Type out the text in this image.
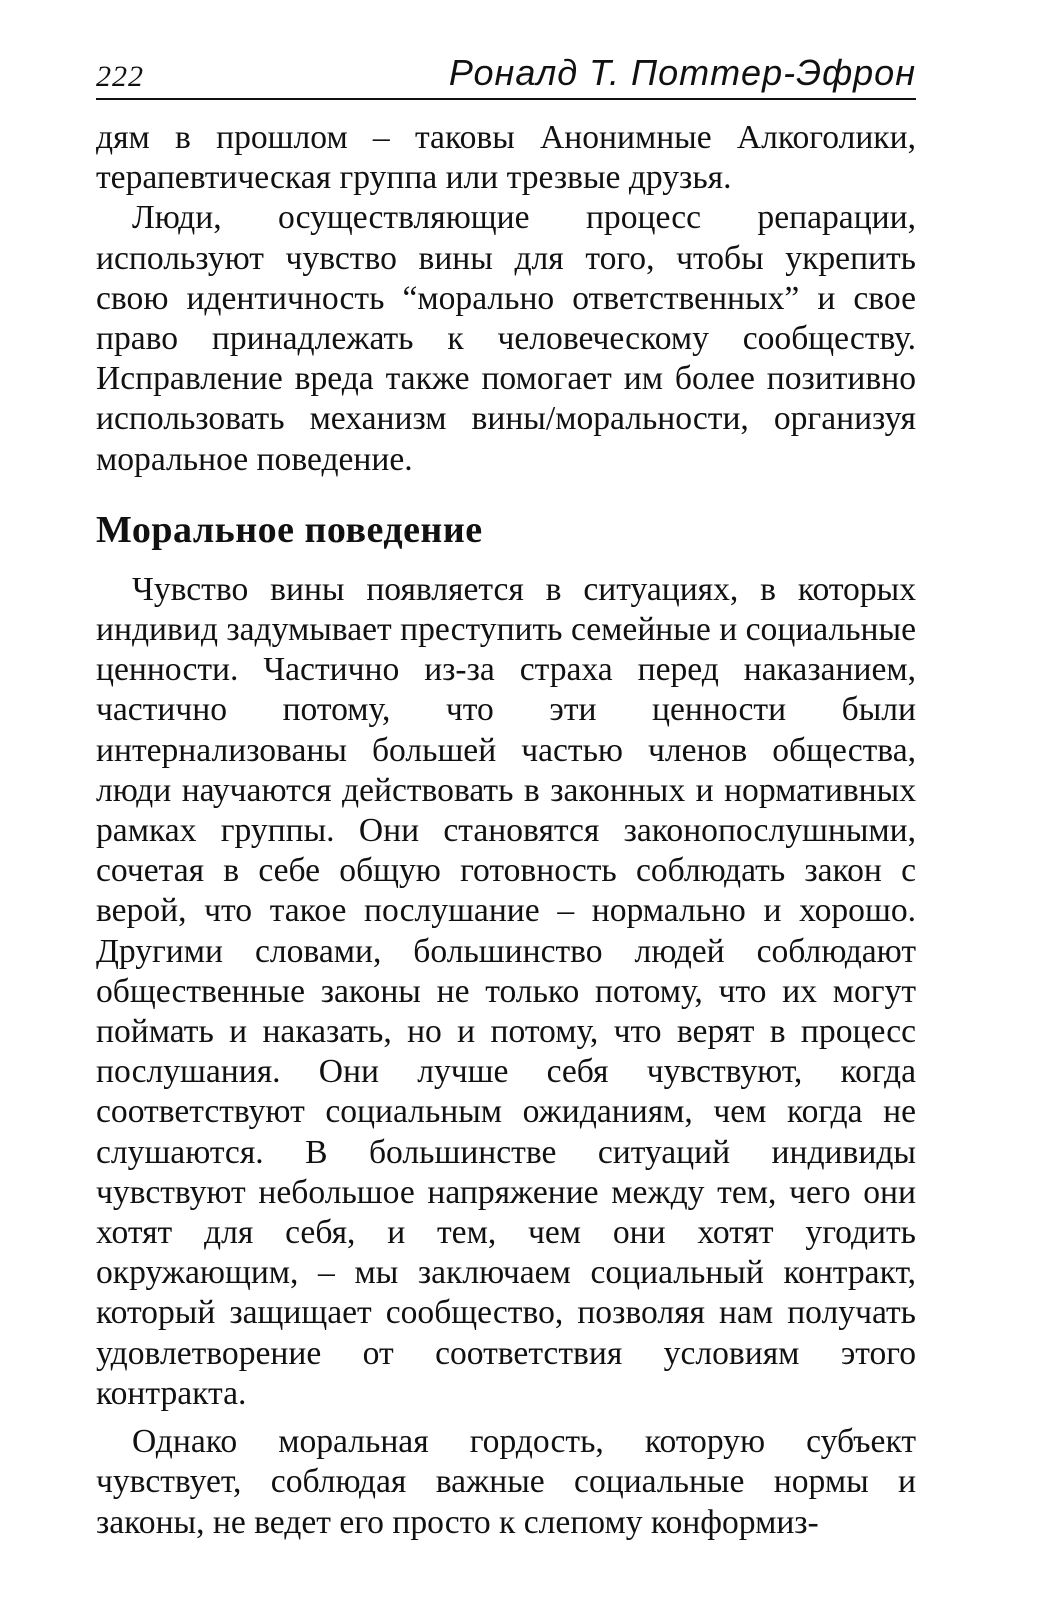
222	Роналд Т. Поттер-Эфрон

дям в прошлом – таковы Анонимные Алкоголики, терапевтическая группа или трезвые друзья.

Люди, осуществляющие процесс репарации, используют чувство вины для того, чтобы укрепить свою идентичность “морально ответственных” и свое право принадлежать к человеческому сообществу. Исправление вреда также помогает им более позитивно использовать механизм вины/моральности, организуя моральное поведение.

Моральное поведение

Чувство вины появляется в ситуациях, в которых индивид задумывает преступить семейные и социальные ценности. Частично из-за страха перед наказанием, частично потому, что эти ценности были интернализованы большей частью членов общества, люди научаются действовать в законных и нормативных рамках группы. Они становятся законопослушными, сочетая в себе общую готовность соблюдать закон с верой, что такое послушание – нормально и хорошо. Другими словами, большинство людей соблюдают общественные законы не только потому, что их могут поймать и наказать, но и потому, что верят в процесс послушания. Они лучше себя чувствуют, когда соответствуют социальным ожиданиям, чем когда не слушаются. В большинстве ситуаций индивиды чувствуют небольшое напряжение между тем, чего они хотят для себя, и тем, чем они хотят угодить окружающим, – мы заключаем социальный контракт, который защищает сообщество, позволяя нам получать удовлетворение от соответствия условиям этого контракта.

Однако моральная гордость, которую субъект чувствует, соблюдая важные социальные нормы и законы, не ведет его просто к слепому конформиз-
